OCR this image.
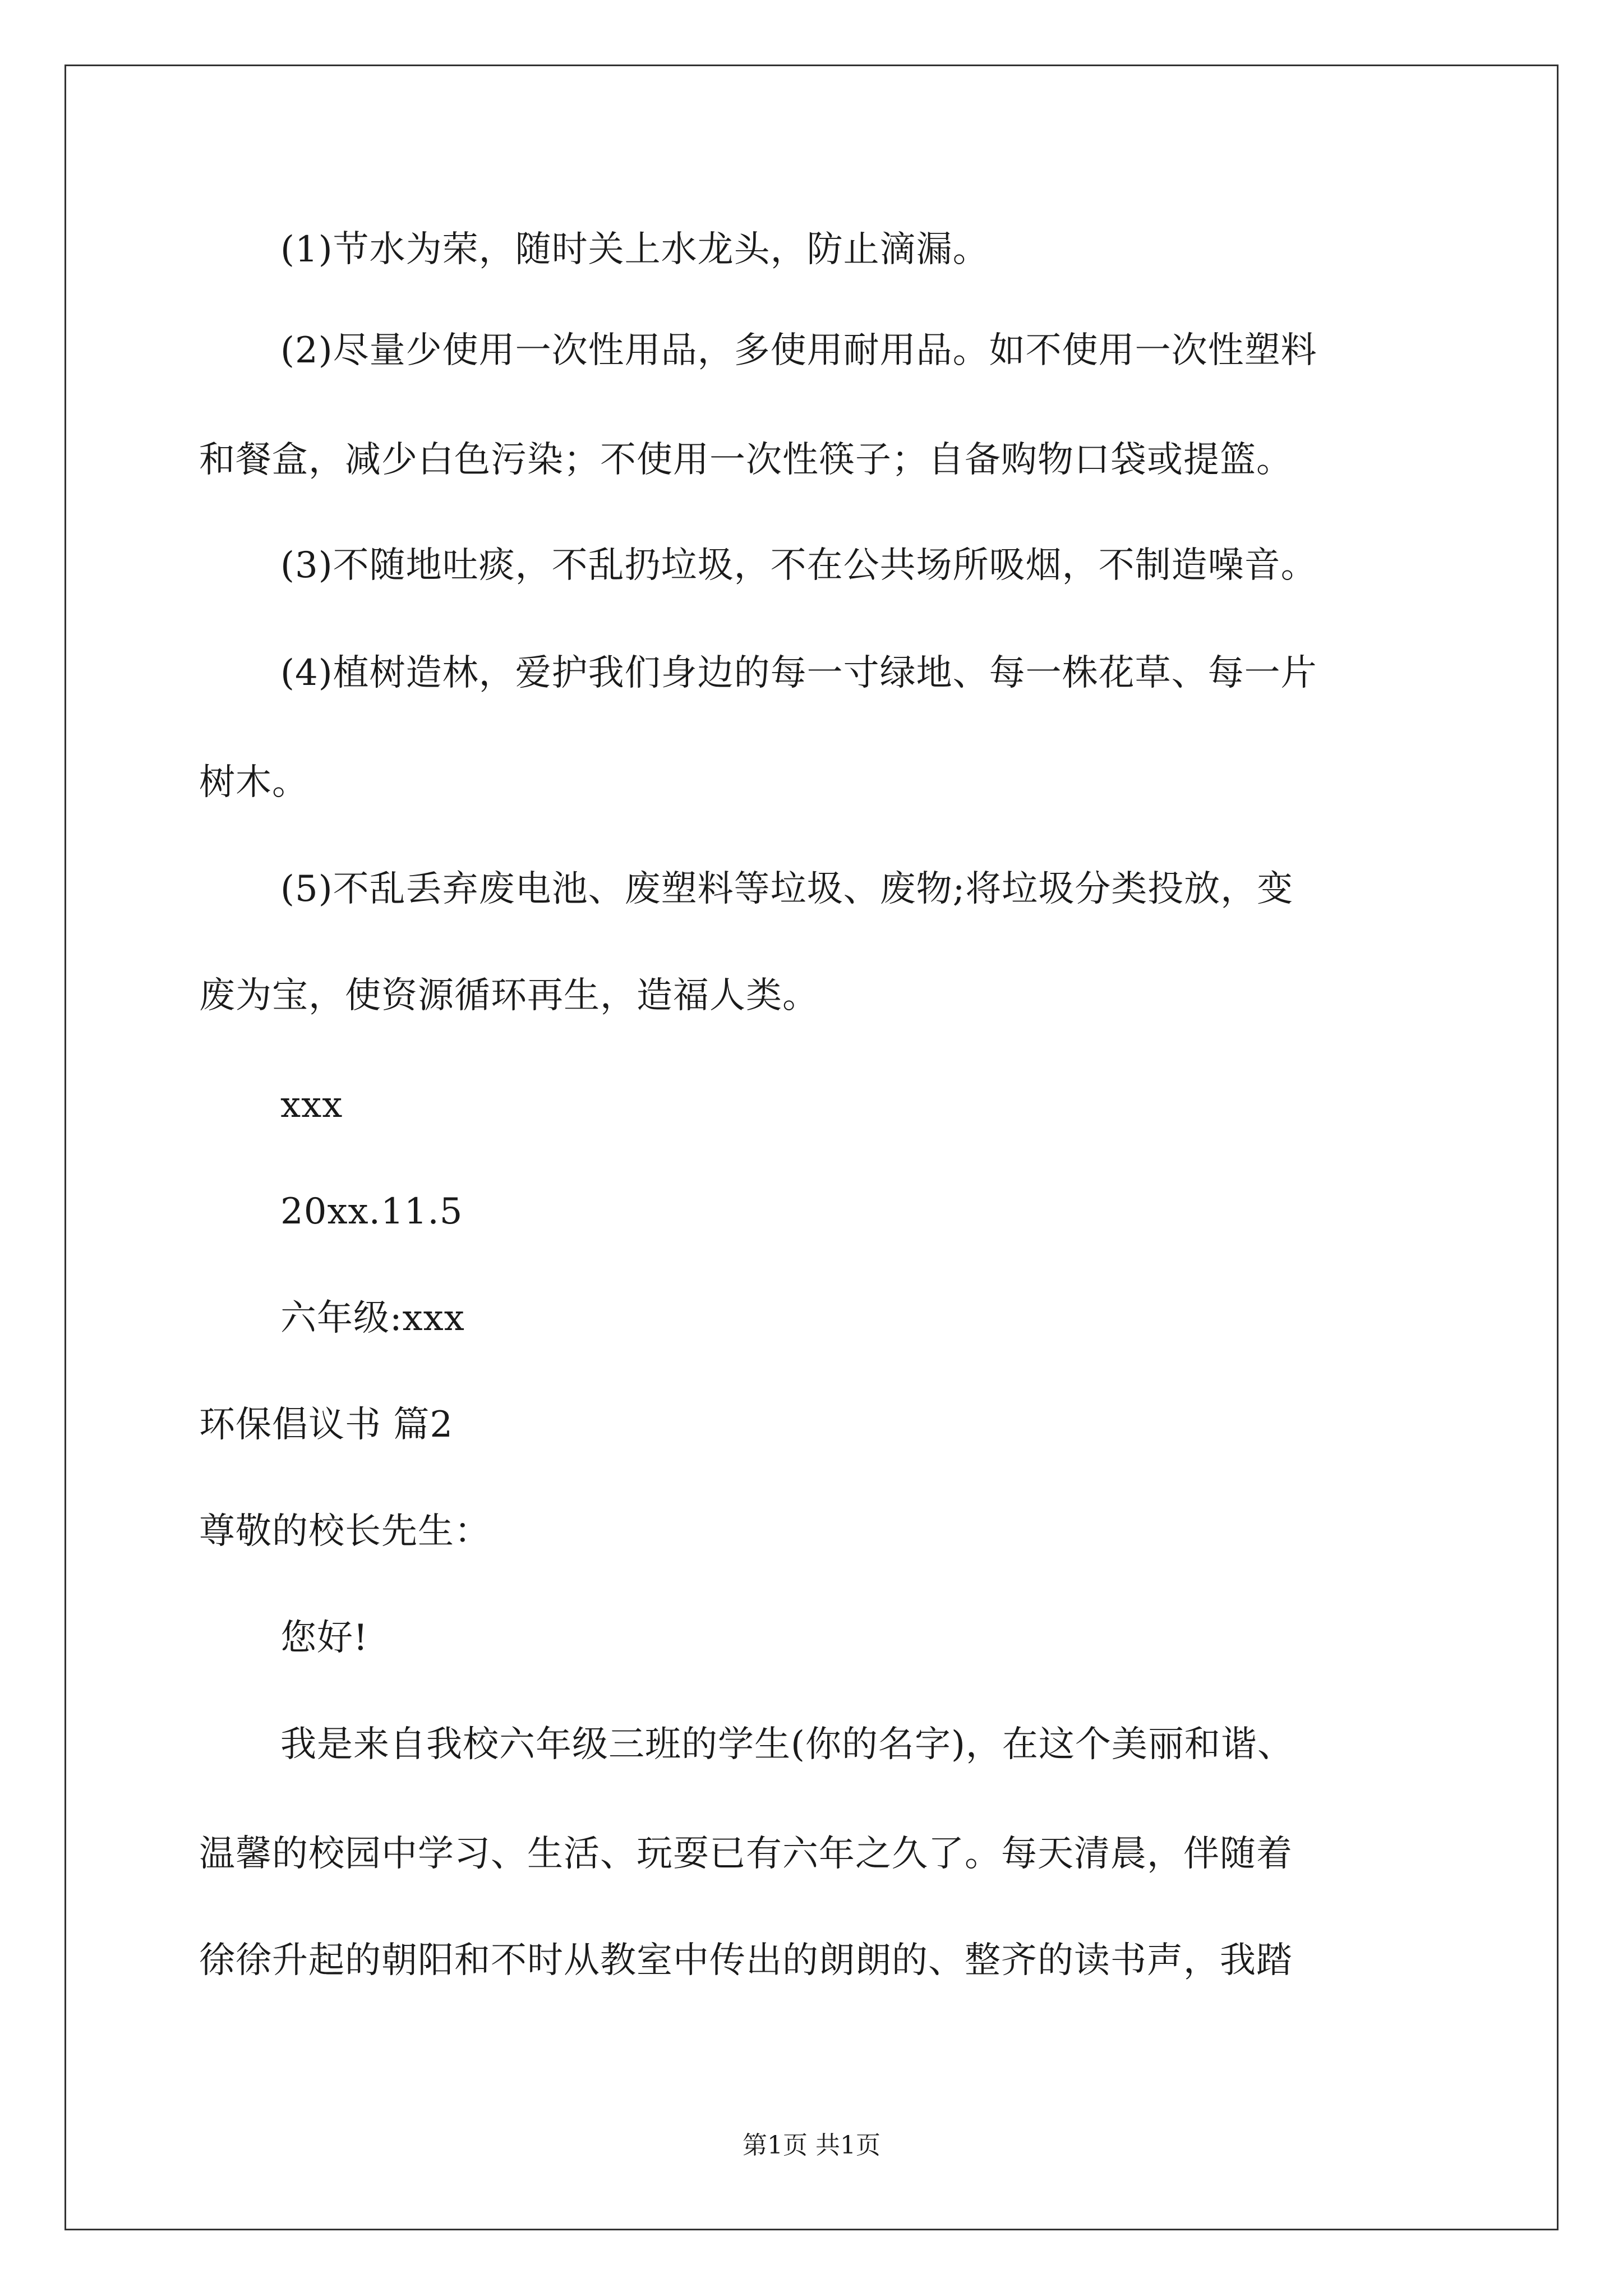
(1)节水为荣，随时关上水龙头，防止滴漏。
(2)尽量少使用一次性用品，多使用耐用品。如不使用一次性塑料
和餐盒，减少白色污染；不使用一次性筷子；自备购物口袋或提篮。
(3)不随地吐痰，不乱扔垃圾，不在公共场所吸烟，不制造噪音。
(4)植树造林，爱护我们身边的每一寸绿地、每一株花草、每一片
树木。
(5)不乱丢弃废电池、废塑料等垃圾、废物;将垃圾分类投放，变
废为宝，使资源循环再生，造福人类。
xxx
20xx.11.5
六年级:xxx
环保倡议书 篇2
尊敬的校长先生：
您好!
我是来自我校六年级三班的学生(你的名字)，在这个美丽和谐、
温馨的校园中学习、生活、玩耍已有六年之久了。每天清晨，伴随着
徐徐升起的朝阳和不时从教室中传出的朗朗的、整齐的读书声，我踏
第1页 共1页
